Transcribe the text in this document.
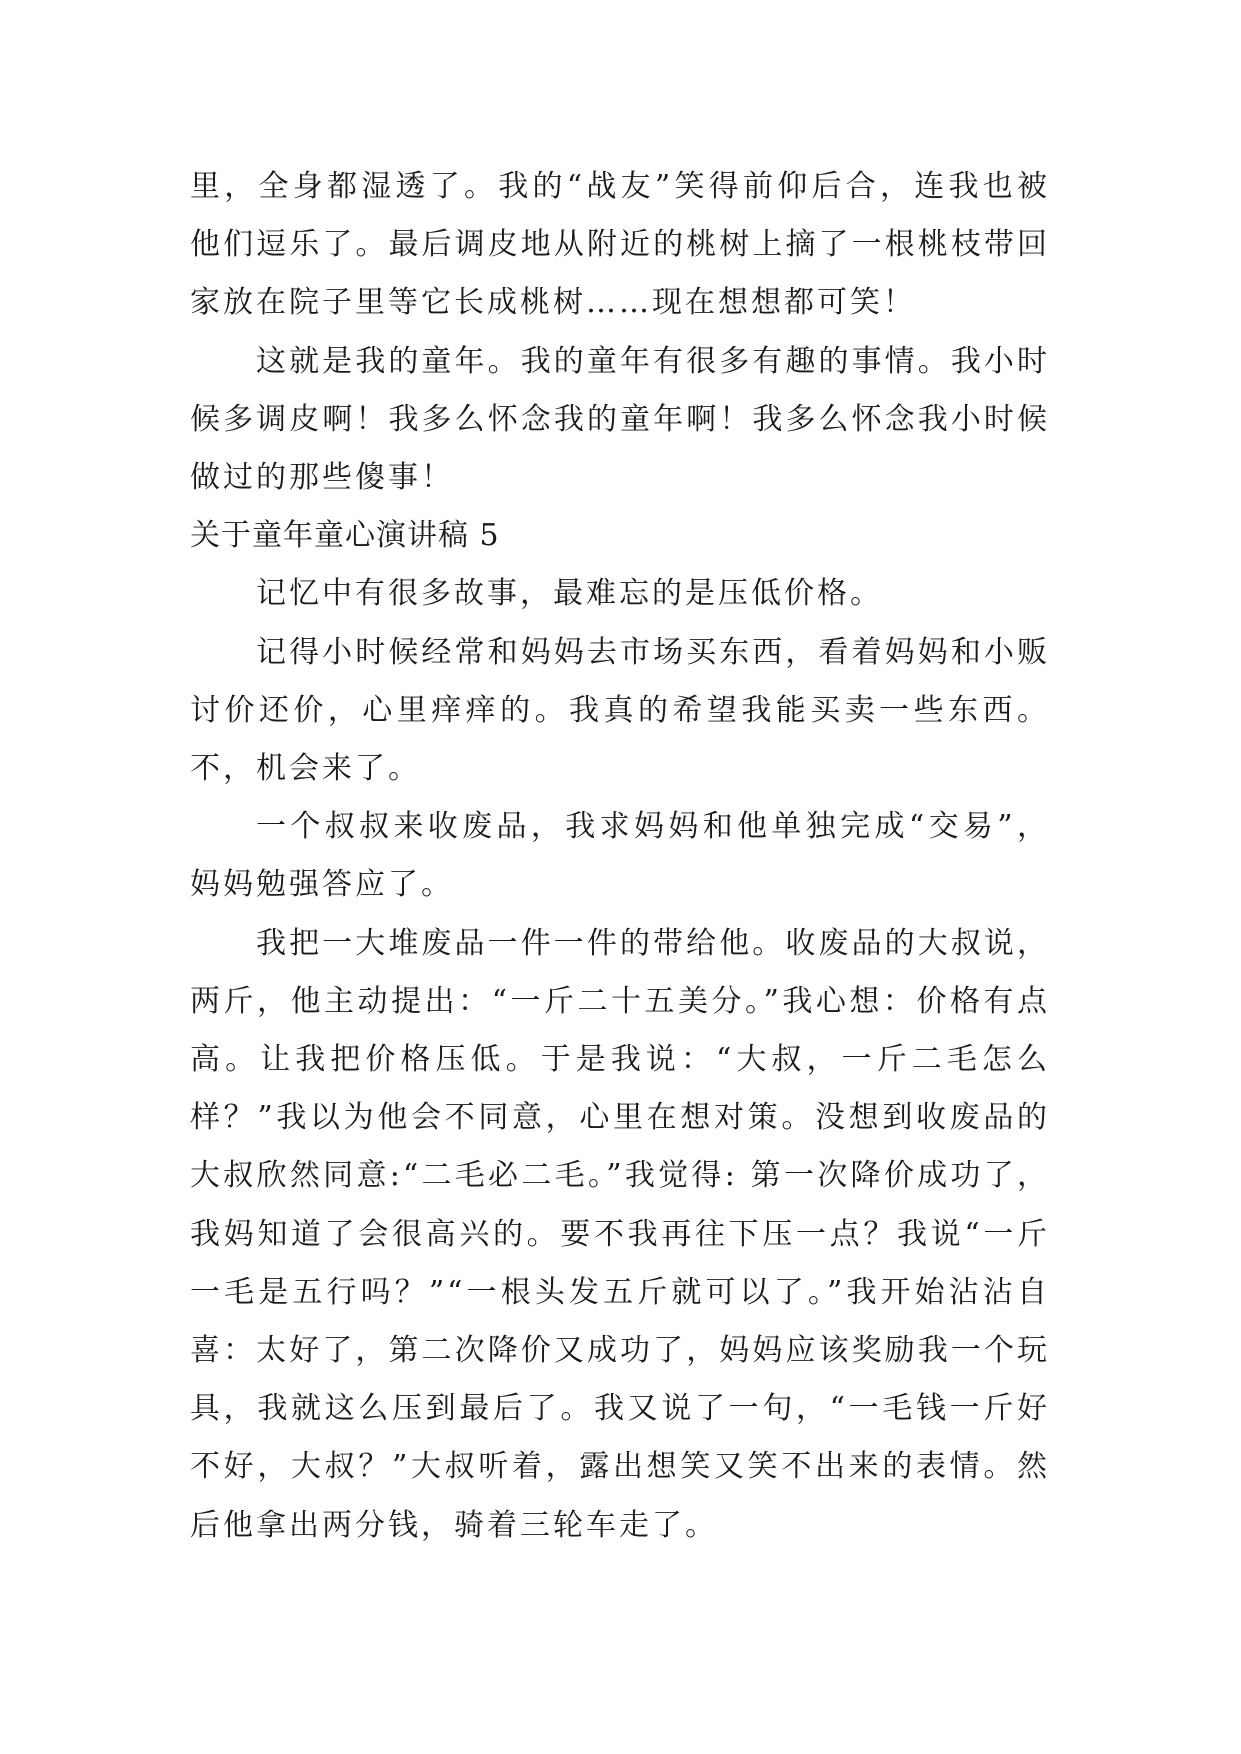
里，全身都湿透了。我的“战友”笑得前仰后合，连我也被他们逗乐了。最后调皮地从附近的桃树上摘了一根桃枝带回家放在院子里等它长成桃树……现在想想都可笑！

这就是我的童年。我的童年有很多有趣的事情。我小时候多调皮啊！我多么怀念我的童年啊！我多么怀念我小时候做过的那些傻事！

关于童年童心演讲稿 5

记忆中有很多故事，最难忘的是压低价格。

记得小时候经常和妈妈去市场买东西，看着妈妈和小贩讨价还价，心里痒痒的。我真的希望我能买卖一些东西。不，机会来了。

一个叔叔来收废品，我求妈妈和他单独完成“交易”，妈妈勉强答应了。

我把一大堆废品一件一件的带给他。收废品的大叔说，两斤，他主动提出：“一斤二十五美分。”我心想：价格有点高。让我把价格压低。于是我说：“大叔，一斤二毛怎么样？”我以为他会不同意，心里在想对策。没想到收废品的大叔欣然同意:“二毛必二毛。”我觉得: 第一次降价成功了，我妈知道了会很高兴的。要不我再往下压一点？我说“一斤一毛是五行吗？”“一根头发五斤就可以了。”我开始沾沾自喜：太好了，第二次降价又成功了，妈妈应该奖励我一个玩具，我就这么压到最后了。我又说了一句，“一毛钱一斤好不好，大叔？”大叔听着，露出想笑又笑不出来的表情。然后他拿出两分钱，骑着三轮车走了。
